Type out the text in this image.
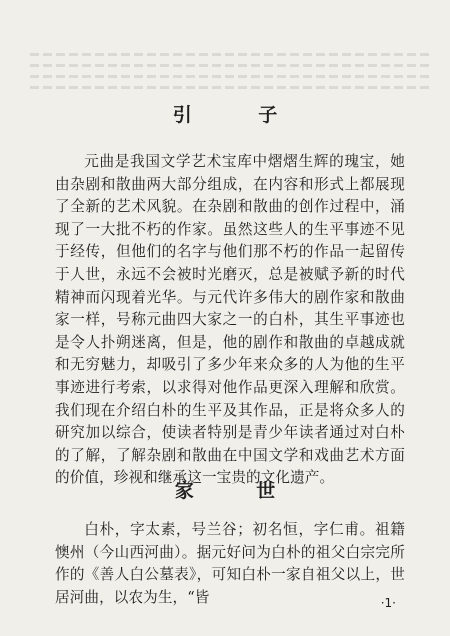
引 子

元曲是我国文学艺术宝库中熠熠生辉的瑰宝，她由杂剧和散曲两大部分组成，在内容和形式上都展现了全新的艺术风貌。在杂剧和散曲的创作过程中，涌现了一大批不朽的作家。虽然这些人的生平事迹不见于经传，但他们的名字与他们那不朽的作品一起留传于人世，永远不会被时光磨灭，总是被赋予新的时代精神而闪现着光华。与元代许多伟大的剧作家和散曲家一样，号称元曲四大家之一的白朴，其生平事迹也是令人扑朔迷离，但是，他的剧作和散曲的卓越成就和无穷魅力，却吸引了多少年来众多的人为他的生平事迹进行考索，以求得对他作品更深入理解和欣赏。我们现在介绍白朴的生平及其作品，正是将众多人的研究加以综合，使读者特别是青少年读者通过对白朴的了解，了解杂剧和散曲在中国文学和戏曲艺术方面的价值，珍视和继承这一宝贵的文化遗产。

家 世

白朴，字太素，号兰谷；初名恒，字仁甫。祖籍懊州（今山西河曲）。据元好问为白朴的祖父白宗完所作的《善人白公墓表》，可知白朴一家自祖父以上，世居河曲，以农为生，“皆	·1·
